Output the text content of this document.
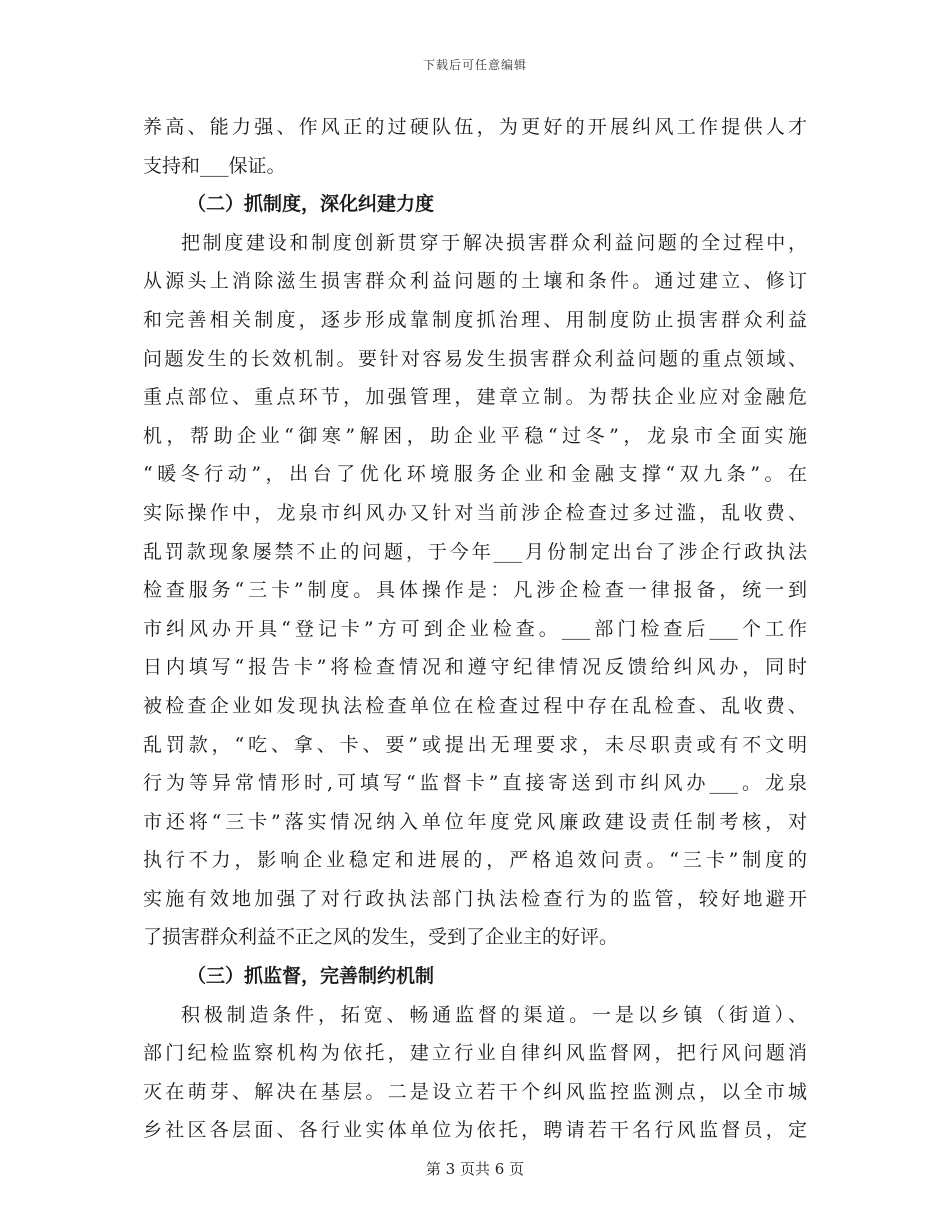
下载后可任意编辑
养高、能力强、作风正的过硬队伍，为更好的开展纠风工作提供人才
支持和___保证。
（二）抓制度，深化纠建力度
把制度建设和制度创新贯穿于解决损害群众利益问题的全过程中，
从源头上消除滋生损害群众利益问题的土壤和条件。通过建立、修订
和完善相关制度，逐步形成靠制度抓治理、用制度防止损害群众利益
问题发生的长效机制。要针对容易发生损害群众利益问题的重点领域、
重点部位、重点环节，加强管理，建章立制。为帮扶企业应对金融危
机，帮助企业“御寒”解困，助企业平稳“过冬”，龙泉市全面实施
“暖冬行动”，出台了优化环境服务企业和金融支撑“双九条”。在
实际操作中，龙泉市纠风办又针对当前涉企检查过多过滥，乱收费、
乱罚款现象屡禁不止的问题，于今年___月份制定出台了涉企行政执法
检查服务“三卡”制度。具体操作是：凡涉企检查一律报备，统一到
市纠风办开具“登记卡”方可到企业检查。___部门检查后___个工作
日内填写“报告卡”将检查情况和遵守纪律情况反馈给纠风办，同时
被检查企业如发现执法检查单位在检查过程中存在乱检查、乱收费、
乱罚款，“吃、拿、卡、要”或提出无理要求，未尽职责或有不文明
行为等异常情形时,可填写“监督卡”直接寄送到市纠风办___。龙泉
市还将“三卡”落实情况纳入单位年度党风廉政建设责任制考核，对
执行不力，影响企业稳定和进展的，严格追效问责。“三卡”制度的
实施有效地加强了对行政执法部门执法检查行为的监管，较好地避开
了损害群众利益不正之风的发生，受到了企业主的好评。
（三）抓监督，完善制约机制
积极制造条件，拓宽、畅通监督的渠道。一是以乡镇（街道）、
部门纪检监察机构为依托，建立行业自律纠风监督网，把行风问题消
灭在萌芽、解决在基层。二是设立若干个纠风监控监测点，以全市城
乡社区各层面、各行业实体单位为依托，聘请若干名行风监督员，定
第 3 页共 6 页
